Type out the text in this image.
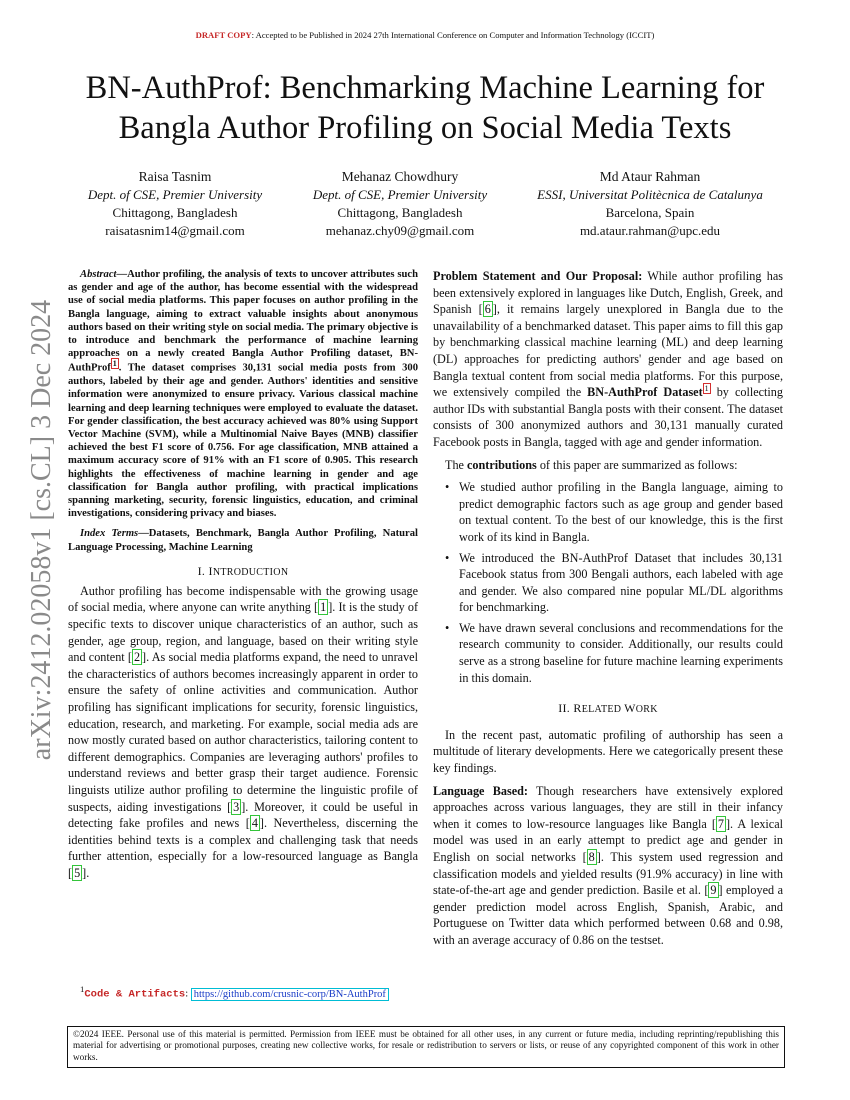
DRAFT COPY: Accepted to be Published in 2024 27th International Conference on Computer and Information Technology (ICCIT)
BN-AuthProf: Benchmarking Machine Learning for Bangla Author Profiling on Social Media Texts
Raisa Tasnim
Dept. of CSE, Premier University
Chittagong, Bangladesh
raisatasnim14@gmail.com
Mehanaz Chowdhury
Dept. of CSE, Premier University
Chittagong, Bangladesh
mehanaz.chy09@gmail.com
Md Ataur Rahman
ESSI, Universitat Politècnica de Catalunya
Barcelona, Spain
md.ataur.rahman@upc.edu
arXiv:2412.02058v1 [cs.CL] 3 Dec 2024

Abstract—Author profiling, the analysis of texts to uncover attributes such as gender and age of the author, has become essential with the widespread use of social media platforms. This paper focuses on author profiling in the Bangla language, aiming to extract valuable insights about anonymous authors based on their writing style on social media. The primary objective is to introduce and benchmark the performance of machine learning approaches on a newly created Bangla Author Profiling dataset, BN-AuthProf $^1$ . The dataset comprises 30,131 social media posts from 300 authors, labeled by their age and gender. Authors' identities and sensitive information were anonymized to ensure privacy. Various classical machine learning and deep learning techniques were employed to evaluate the dataset. For gender classification, the best accuracy achieved was 80% using Support Vector Machine (SVM), while a Multinomial Naive Bayes (MNB) classifier achieved the best F1 score of 0.756. For age classification, MNB attained a maximum accuracy score of 91% with an F1 score of 0.905. This research highlights the effectiveness of machine learning in gender and age classification for Bangla author profiling, with practical implications spanning marketing, security, forensic linguistics, education, and criminal investigations, considering privacy and biases.

Index Terms—Datasets, Benchmark, Bangla Author Profiling, Natural Language Processing, Machine Learning

I. INTRODUCTION

Author profiling has become indispensable with the growing usage of social media, where anyone can write anything [ 1 ]. It is the study of specific texts to discover unique characteristics of an author, such as gender, age group, region, and language, based on their writing style and content [ 2 ]. As social media platforms expand, the need to unravel the characteristics of authors becomes increasingly apparent in order to ensure the safety of online activities and communication. Author profiling has significant implications for security, forensic linguistics, education, research, and marketing. For example, social media ads are now mostly curated based on author characteristics, tailoring content to different demographics. Companies are leveraging authors' profiles to understand reviews and better grasp their target audience. Forensic linguists utilize author profiling to determine the linguistic profile of suspects, aiding investigations [ 3 ]. Moreover, it could be useful in detecting fake profiles and news [ 4 ]. Nevertheless, discerning the identities behind texts is a complex and challenging task that needs further attention, especially for a low-resourced language as Bangla [ 5 ].

$^1$Code & Artifacts: https://github.com/crusnic-corp/BN-AuthProf

Problem Statement and Our Proposal: While author profiling has been extensively explored in languages like Dutch, English, Greek, and Spanish [ 6 ], it remains largely unexplored in Bangla due to the unavailability of a benchmarked dataset. This paper aims to fill this gap by benchmarking classical machine learning (ML) and deep learning (DL) approaches for predicting authors' gender and age based on Bangla textual content from social media platforms. For this purpose, we extensively compiled the BN-AuthProf Dataset $^1$ by collecting author IDs with substantial Bangla posts with their consent. The dataset consists of 300 anonymized authors and 30,131 manually curated Facebook posts in Bangla, tagged with age and gender information.

The contributions of this paper are summarized as follows:

• We studied author profiling in the Bangla language, aiming to predict demographic factors such as age group and gender based on textual content. To the best of our knowledge, this is the first work of its kind in Bangla.
• We introduced the BN-AuthProf Dataset that includes 30,131 Facebook status from 300 Bengali authors, each labeled with age and gender. We also compared nine popular ML/DL algorithms for benchmarking.
• We have drawn several conclusions and recommendations for the research community to consider. Additionally, our results could serve as a strong baseline for future machine learning experiments in this domain.
II. RELATED WORK

In the recent past, automatic profiling of authorship has seen a multitude of literary developments. Here we categorically present these key findings.

Language Based: Though researchers have extensively explored approaches across various languages, they are still in their infancy when it comes to low-resource languages like Bangla [ 7 ]. A lexical model was used in an early attempt to predict age and gender in English on social networks [ 8 ]. This system used regression and classification models and yielded results (91.9% accuracy) in line with state-of-the-art age and gender prediction. Basile et al. [ 9 ] employed a gender prediction model across English, Spanish, Arabic, and Portuguese on Twitter data which performed between 0.68 and 0.98, with an average accuracy of 0.86 on the testset.

©2024 IEEE. Personal use of this material is permitted. Permission from IEEE must be obtained for all other uses, in any current or future media, including reprinting/republishing this material for advertising or promotional purposes, creating new collective works, for resale or redistribution to servers or lists, or reuse of any copyrighted component of this work in other works.
